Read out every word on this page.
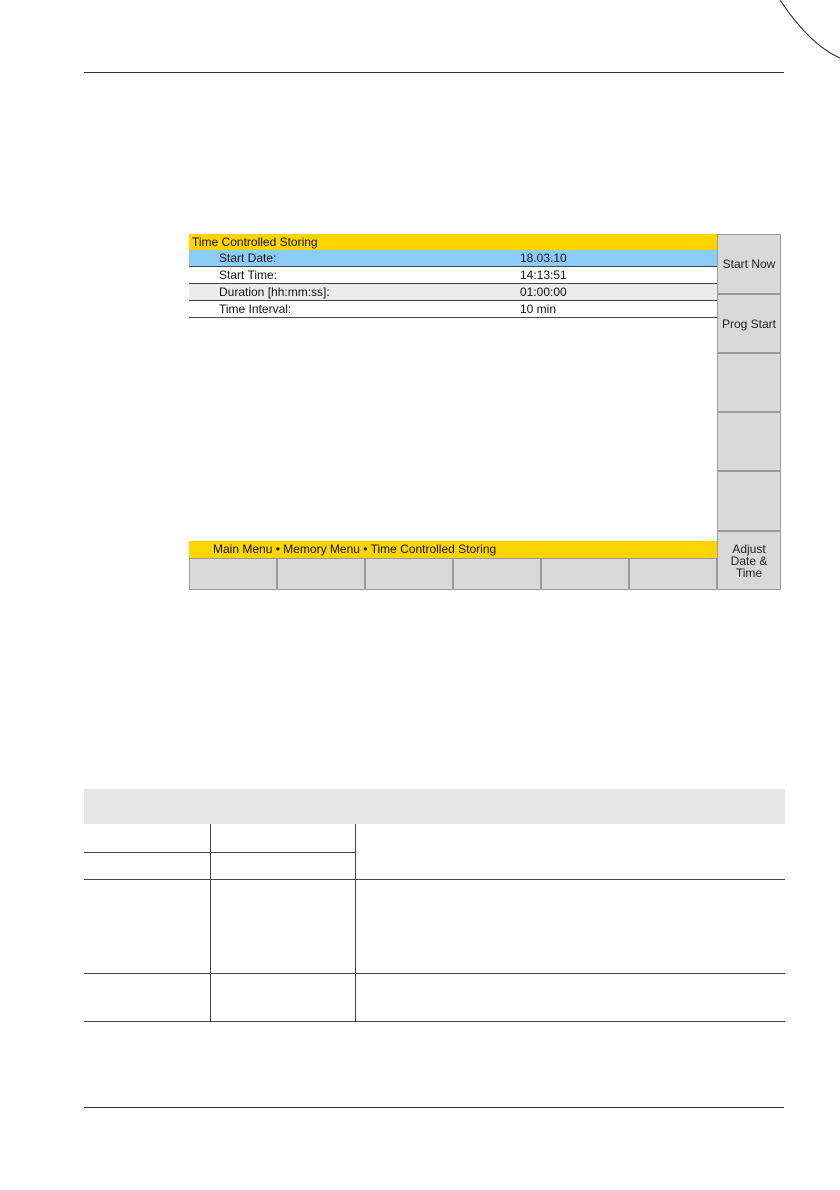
Time Controlled Storing
Start Date:	18.03.10
Start Time:	14:13:51
Duration [hh:mm:ss]:	01:00:00
Time Interval:	10 min
Main Menu • Memory Menu • Time Controlled Storing
Start Now
Prog Start
Adjust
Date &
Time
